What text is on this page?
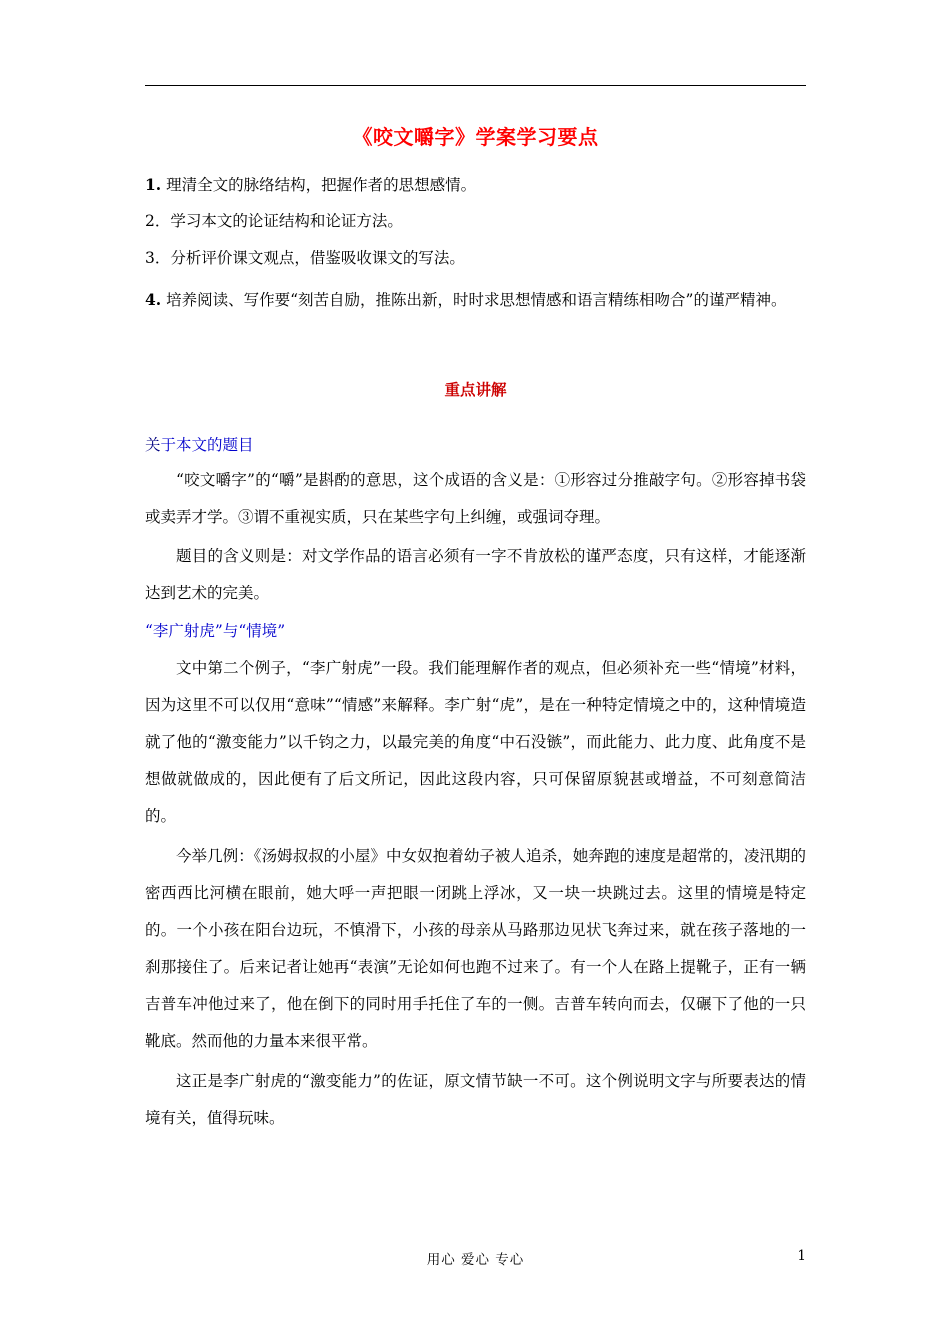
《咬文嚼字》学案学习要点
1. 理清全文的脉络结构，把握作者的思想感情。
2．学习本文的论证结构和论证方法。
3．分析评价课文观点，借鉴吸收课文的写法。
4. 培养阅读、写作要“刻苦自励，推陈出新，时时求思想情感和语言精练相吻合”的谨严精神。
重点讲解
关于本文的题目
“咬文嚼字”的“嚼”是斟酌的意思，这个成语的含义是：①形容过分推敲字句。②形容掉书袋或卖弄才学。③谓不重视实质，只在某些字句上纠缠，或强词夺理。
题目的含义则是：对文学作品的语言必须有一字不肯放松的谨严态度，只有这样，才能逐渐达到艺术的完美。
“李广射虎”与“情境”
文中第二个例子，“李广射虎”一段。我们能理解作者的观点，但必须补充一些“情境”材料，因为这里不可以仅用“意味”“情感”来解释。李广射“虎”，是在一种特定情境之中的，这种情境造就了他的“激变能力”以千钧之力，以最完美的角度“中石没镞”，而此能力、此力度、此角度不是想做就做成的，因此便有了后文所记，因此这段内容，只可保留原貌甚或增益，不可刻意简洁的。
今举几例：《汤姆叔叔的小屋》中女奴抱着幼子被人追杀，她奔跑的速度是超常的，凌汛期的密西西比河横在眼前，她大呼一声把眼一闭跳上浮冰，又一块一块跳过去。这里的情境是特定的。一个小孩在阳台边玩，不慎滑下，小孩的母亲从马路那边见状飞奔过来，就在孩子落地的一刹那接住了。后来记者让她再“表演”无论如何也跑不过来了。有一个人在路上提靴子，正有一辆吉普车冲他过来了，他在倒下的同时用手托住了车的一侧。吉普车转向而去，仅碾下了他的一只靴底。然而他的力量本来很平常。
这正是李广射虎的“激变能力”的佐证，原文情节缺一不可。这个例说明文字与所要表达的情境有关，值得玩味。
用心 爱心 专心	1
